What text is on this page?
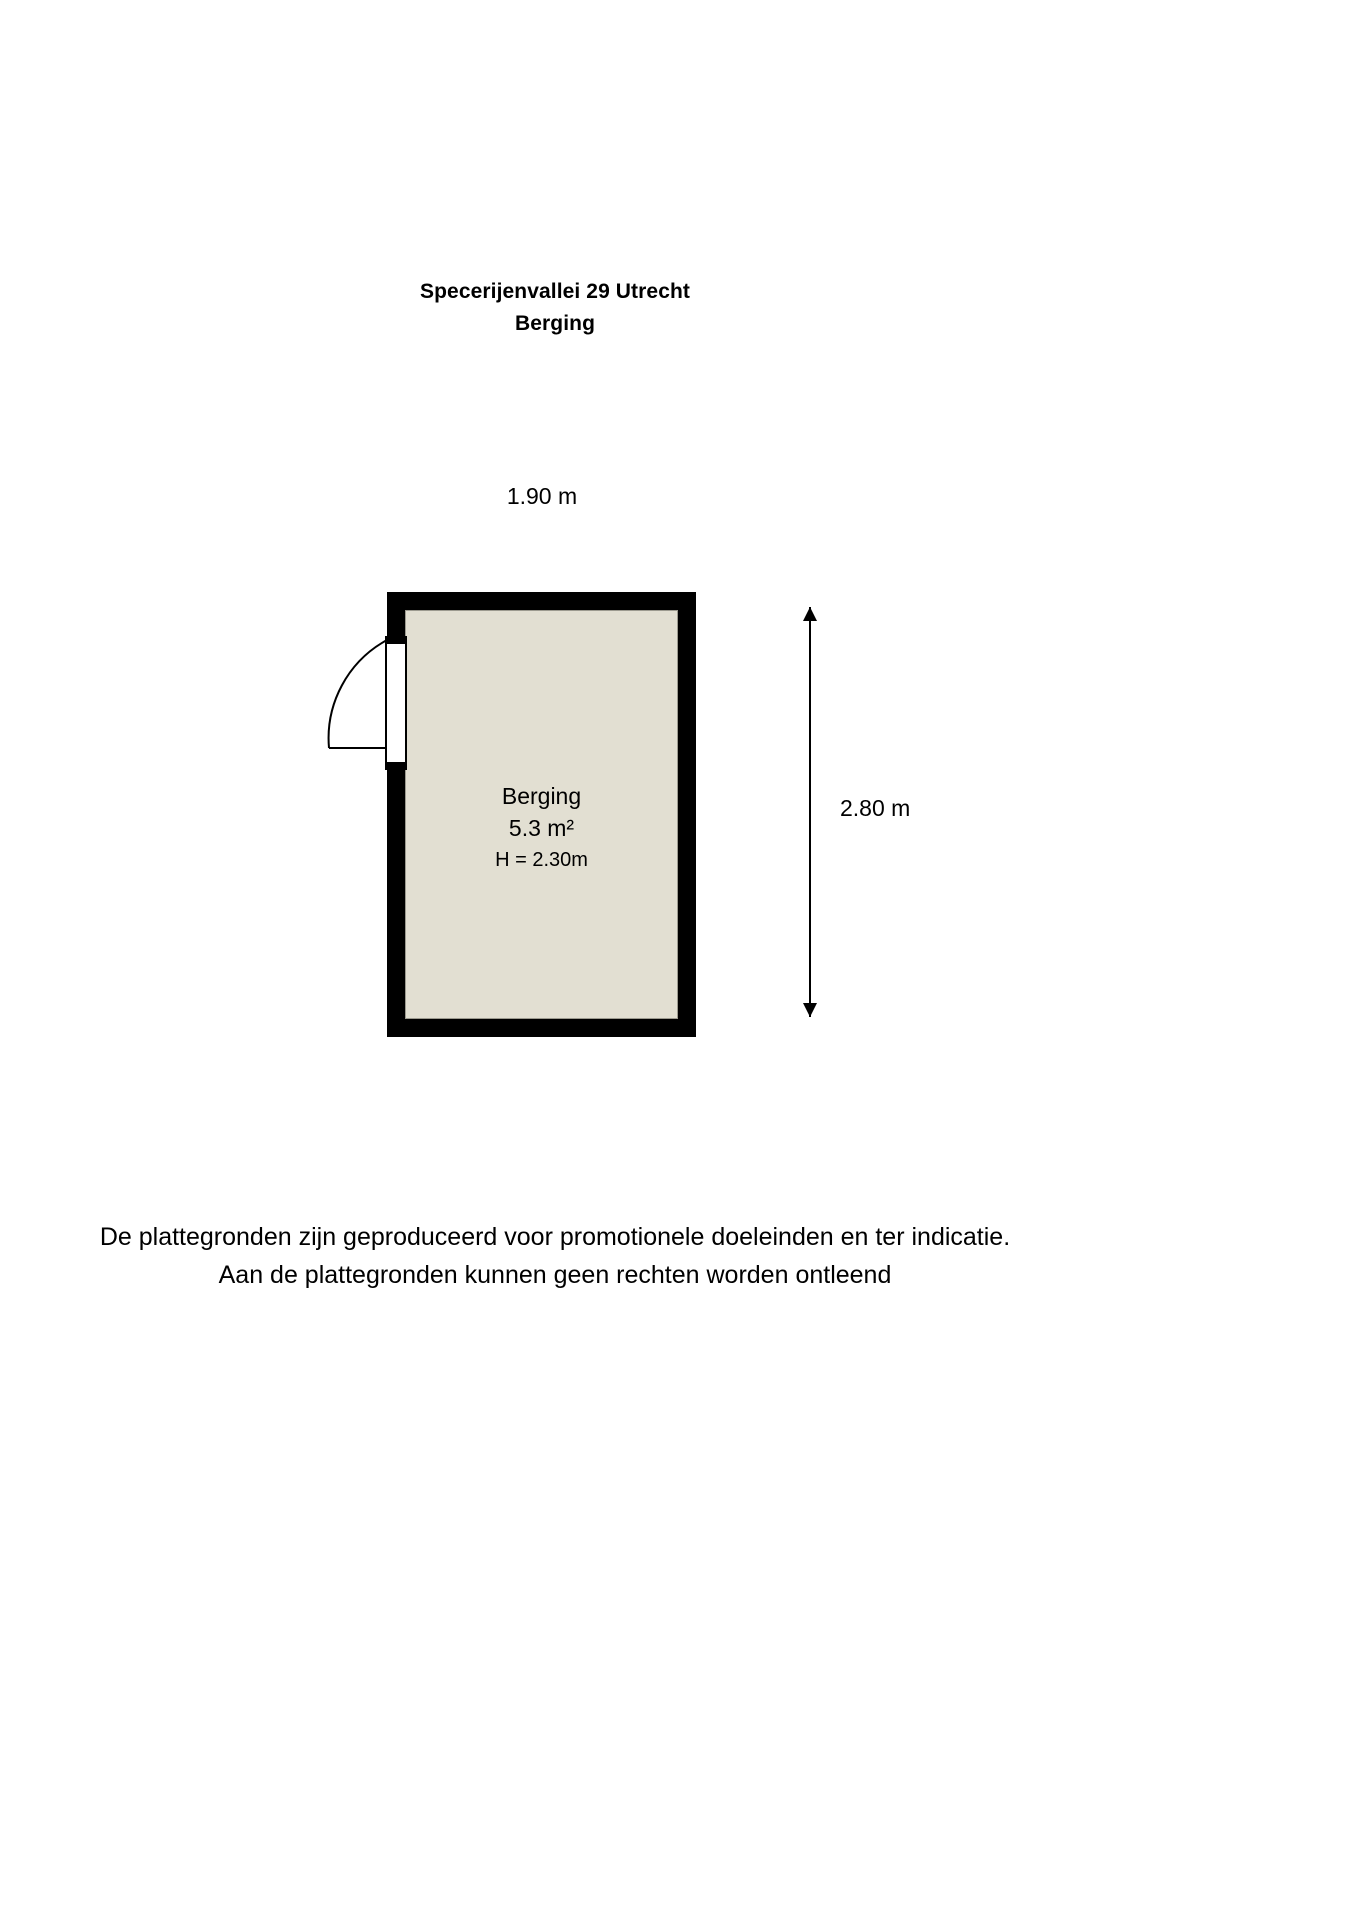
Specerijenvallei 29 Utrecht
Berging
1.90 m
2.80 m
Berging
5.3 m²
H = 2.30m
De plattegronden zijn geproduceerd voor promotionele doeleinden en ter indicatie.
Aan de plattegronden kunnen geen rechten worden ontleend
